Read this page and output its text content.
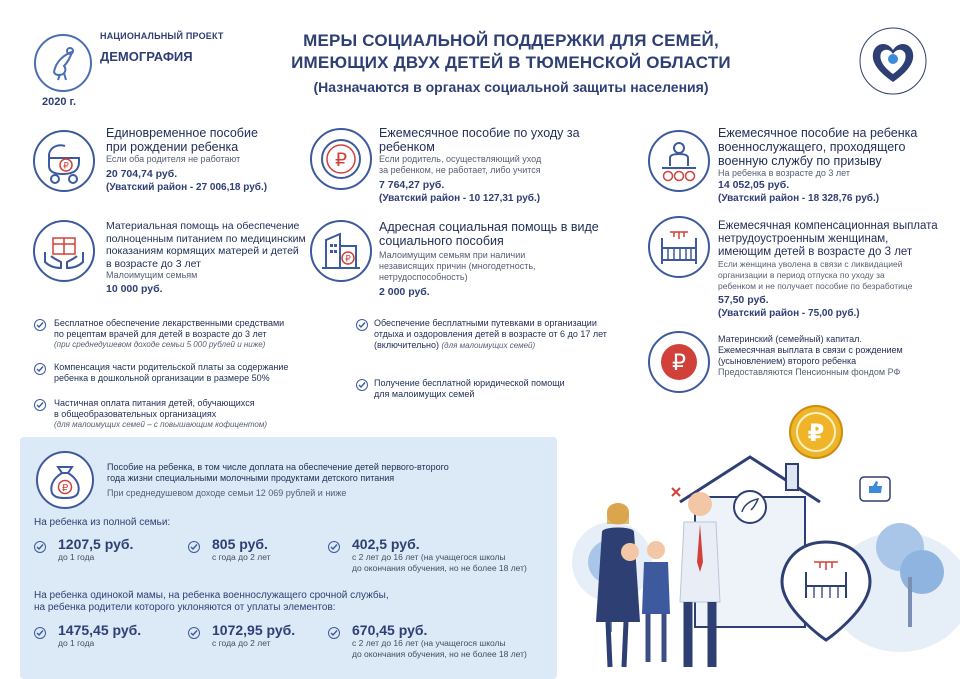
НАЦИОНАЛЬНЫЙ ПРОЕКТ
ДЕМОГРАФИЯ
2020 г.
МЕРЫ СОЦИАЛЬНОЙ ПОДДЕРЖКИ ДЛЯ СЕМЕЙ,
ИМЕЮЩИХ ДВУХ ДЕТЕЙ В ТЮМЕНСКОЙ ОБЛАСТИ
(Назначаются в органах социальной защиты населения)
₽
Единовременное пособие
при рождении ребенка
Если оба родителя не работают
20 704,74 руб.
(Уватский район - 27 006,18 руб.)
₽
Ежемесячное пособие по уходу за ребенком
Если родитель, осуществляющий уход
за ребенком, не работает, либо учится
7 764,27 руб.
(Уватский район - 10 127,31 руб.)
Ежемесячное пособие на ребенка
военнослужащего, проходящего
военную службу по призыву
На ребенка в возрасте до 3 лет
14 052,05 руб.
(Уватский район - 18 328,76 руб.)
Материальная помощь на обеспечение
полноценным питанием по медицинским
показаниям кормящих матерей и детей
в возрасте до 3 лет
Малоимущим семьям
10 000 руб.
₽
Адресная социальная помощь в виде
социального пособия
Малоимущим семьям при наличии
независящих причин (многодетность,
нетрудоспособность)
2 000 руб.
Ежемесячная компенсационная выплата
нетрудоустроенным женщинам,
имеющим детей в возрасте до 3 лет
Если женщина уволена в связи с ликвидацией
организации в период отпуска по уходу за
ребенком и не получает пособие по безработице
57,50 руб.
(Уватский район - 75,00 руб.)
₽
Материнский (семейный) капитал.
Ежемесячная выплата в связи с рождением
(усыновлением) второго ребенка
Предоставляются Пенсионным фондом РФ
Бесплатное обеспечение лекарственными средствами
по рецептам врачей для детей в возрасте до 3 лет
(при среднедушевом доходе семьи 5 000 рублей и ниже)
Компенсация части родительской платы за содержание
ребенка в дошкольной организации в размере 50%
Частичная оплата питания детей, обучающихся
в общеобразовательных организациях
(для малоимущих семей – с повышающим кофицентом)
Обеспечение бесплатными путевками в организации
отдыха и оздоровления детей в возрасте от 6 до 17 лет
(включительно) (для малоимущих семей)
Получение бесплатной юридической помощи
для малоимущих семей
₽
Пособие на ребенка, в том числе доплата на обеспечение детей первого-второго
года жизни специальными молочными продуктами детского питания
При среднедушевом доходе семьи 12 069 рублей и ниже
На ребенка из полной семьи:
1207,5 руб.
до 1 года
805 руб.
с года до 2 лет
402,5 руб.
с 2 лет до 16 лет (на учащегося школы
до окончания обучения, но не более 18 лет)
На ребенка одинокой мамы, на ребенка военнослужащего срочной службы,
на ребенка родители которого уклоняются от уплаты элементов:
1475,45 руб.
до 1 года
1072,95 руб.
с года до 2 лет
670,45 руб.
с 2 лет до 16 лет (на учащегося школы
до окончания обучения, но не более 18 лет)
₽
